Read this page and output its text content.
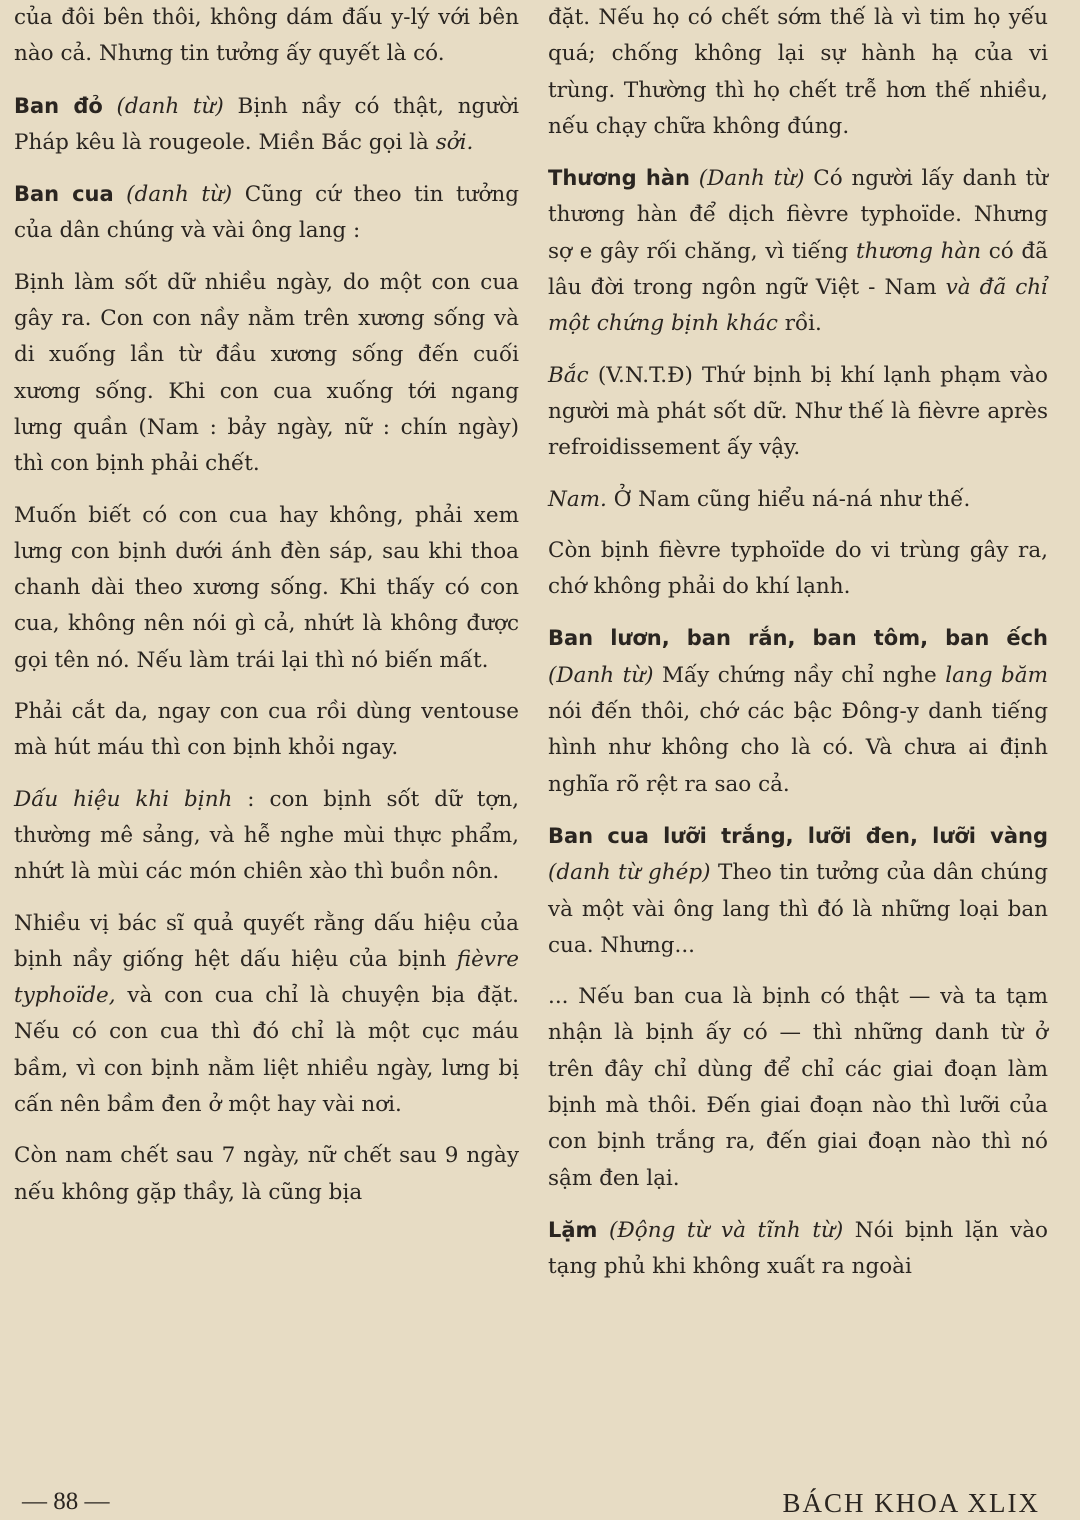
của đôi bên thôi, không dám đấu y-lý với bên nào cả. Nhưng tin tưởng ấy quyết là có.

Ban đỏ (danh từ) Bịnh nầy có thật, người Pháp kêu là rougeole. Miền Bắc gọi là sởi.

Ban cua (danh từ) Cũng cứ theo tin tưởng của dân chúng và vài ông lang :

Bịnh làm sốt dữ nhiều ngày, do một con cua gây ra. Con con nầy nằm trên xương sống và di xuống lần từ đầu xương sống đến cuối xương sống. Khi con cua xuống tới ngang lưng quần (Nam : bảy ngày, nữ : chín ngày) thì con bịnh phải chết.

Muốn biết có con cua hay không, phải xem lưng con bịnh dưới ánh đèn sáp, sau khi thoa chanh dài theo xương sống. Khi thấy có con cua, không nên nói gì cả, nhứt là không được gọi tên nó. Nếu làm trái lại thì nó biến mất.

Phải cắt da, ngay con cua rồi dùng ventouse mà hút máu thì con bịnh khỏi ngay.

Dấu hiệu khi bịnh : con bịnh sốt dữ tợn, thường mê sảng, và hễ nghe mùi thực phẩm, nhứt là mùi các món chiên xào thì buồn nôn.

Nhiều vị bác sĩ quả quyết rằng dấu hiệu của bịnh nầy giống hệt dấu hiệu của bịnh fièvre typhoïde, và con cua chỉ là chuyện bịa đặt. Nếu có con cua thì đó chỉ là một cục máu bầm, vì con bịnh nằm liệt nhiều ngày, lưng bị cấn nên bầm đen ở một hay vài nơi.

Còn nam chết sau 7 ngày, nữ chết sau 9 ngày nếu không gặp thầy, là cũng bịa

đặt. Nếu họ có chết sớm thế là vì tim họ yếu quá; chống không lại sự hành hạ của vi trùng. Thường thì họ chết trễ hơn thế nhiều, nếu chạy chữa không đúng.

Thương hàn (Danh từ) Có người lấy danh từ thương hàn để dịch fièvre typhoïde. Nhưng sợ e gây rối chăng, vì tiếng thương hàn có đã lâu đời trong ngôn ngữ Việt - Nam và đã chỉ một chứng bịnh khác rồi.

Bắc (V.N.T.Đ) Thứ bịnh bị khí lạnh phạm vào người mà phát sốt dữ. Như thế là fièvre après refroidissement ấy vậy.

Nam. Ở Nam cũng hiểu ná-ná như thế.

Còn bịnh fièvre typhoïde do vi trùng gây ra, chớ không phải do khí lạnh.

Ban lươn, ban rắn, ban tôm, ban ếch (Danh từ) Mấy chứng nầy chỉ nghe lang băm nói đến thôi, chớ các bậc Đông-y danh tiếng hình như không cho là có. Và chưa ai định nghĩa rõ rệt ra sao cả.

Ban cua lưỡi trắng, lưỡi đen, lưỡi vàng (danh từ ghép) Theo tin tưởng của dân chúng và một vài ông lang thì đó là những loại ban cua. Nhưng...

... Nếu ban cua là bịnh có thật — và ta tạm nhận là bịnh ấy có — thì những danh từ ở trên đây chỉ dùng để chỉ các giai đoạn làm bịnh mà thôi. Đến giai đoạn nào thì lưỡi của con bịnh trắng ra, đến giai đoạn nào thì nó sậm đen lại.

Lặm (Động từ và tĩnh từ) Nói bịnh lặn vào tạng phủ khi không xuất ra ngoài

— 88 —	BÁCH KHOA XLIX
